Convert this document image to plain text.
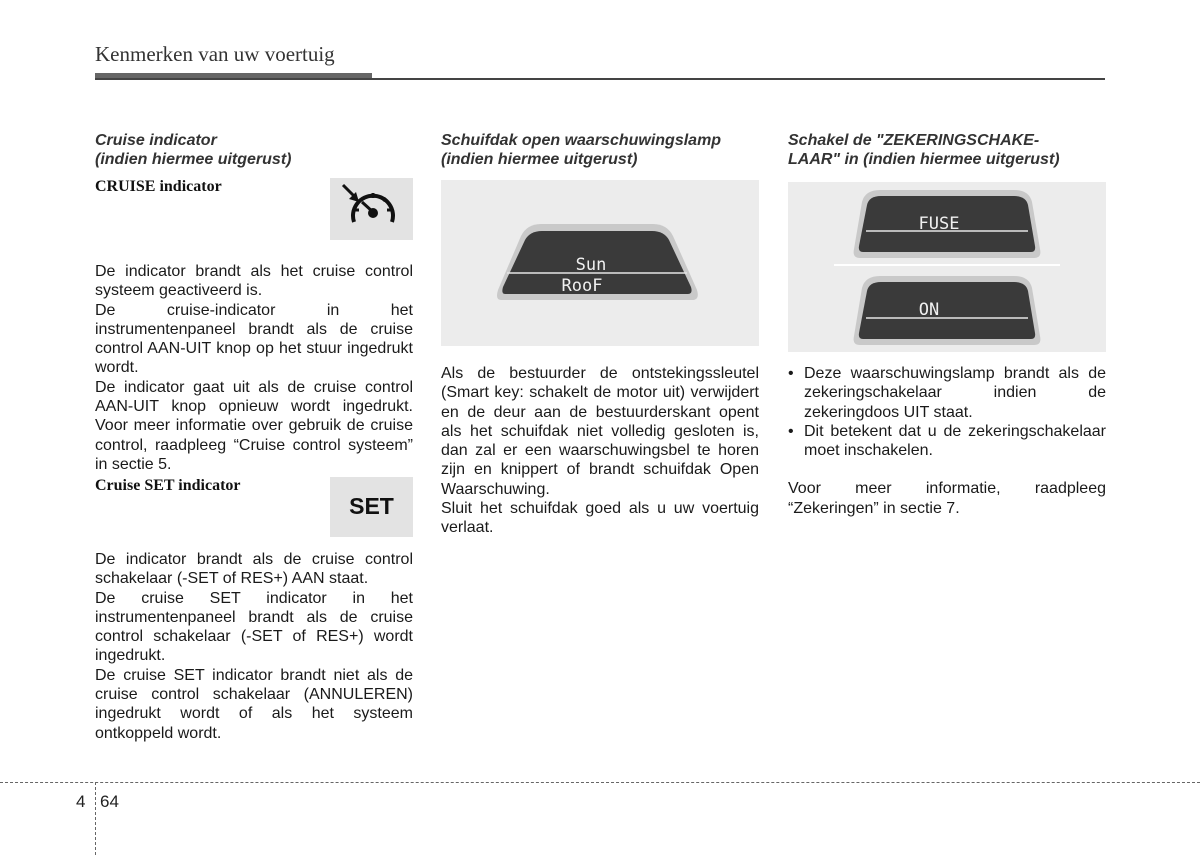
Kenmerken van uw voertuig
Cruise indicator
(indien hiermee uitgerust)
CRUISE indicator

De indicator brandt als het cruise control systeem geactiveerd is.

De cruise-indicator in het instrumentenpaneel brandt als de cruise control AAN-UIT knop op het stuur ingedrukt wordt.

De indicator gaat uit als de cruise control AAN-UIT knop opnieuw wordt ingedrukt. Voor meer informatie over gebruik de cruise control, raadpleeg “Cruise control systeem” in sectie 5.

Cruise SET indicator
SET

De indicator brandt als de cruise control schakelaar (-SET of RES+) AAN staat.

De cruise SET indicator in het instrumentenpaneel brandt als de cruise control schakelaar (-SET of RES+) wordt ingedrukt.

De cruise SET indicator brandt niet als de cruise control schakelaar (ANNULEREN) ingedrukt wordt of als het systeem ontkoppeld wordt.

Schuifdak open waarschuwingslamp
(indien hiermee uitgerust)
Sun
RooF

Als de bestuurder de ontstekingssleutel (Smart key: schakelt de motor uit) verwijdert en de deur aan de bestuurderskant opent als het schuifdak niet volledig gesloten is, dan zal er een waarschuwingsbel te horen zijn en knippert of brandt schuifdak Open Waarschuwing.

Sluit het schuifdak goed als u uw voertuig verlaat.

Schakel de "ZEKERINGSCHAKE-
LAAR" in (indien hiermee uitgerust)
FUSE
ON
• Deze waarschuwingslamp brandt als de zekeringschakelaar indien de zekeringdoos UIT staat.
• Dit betekent dat u de zekeringschakelaar moet inschakelen.

Voor meer informatie, raadpleeg “Zekeringen” in sectie 7.

4 64
